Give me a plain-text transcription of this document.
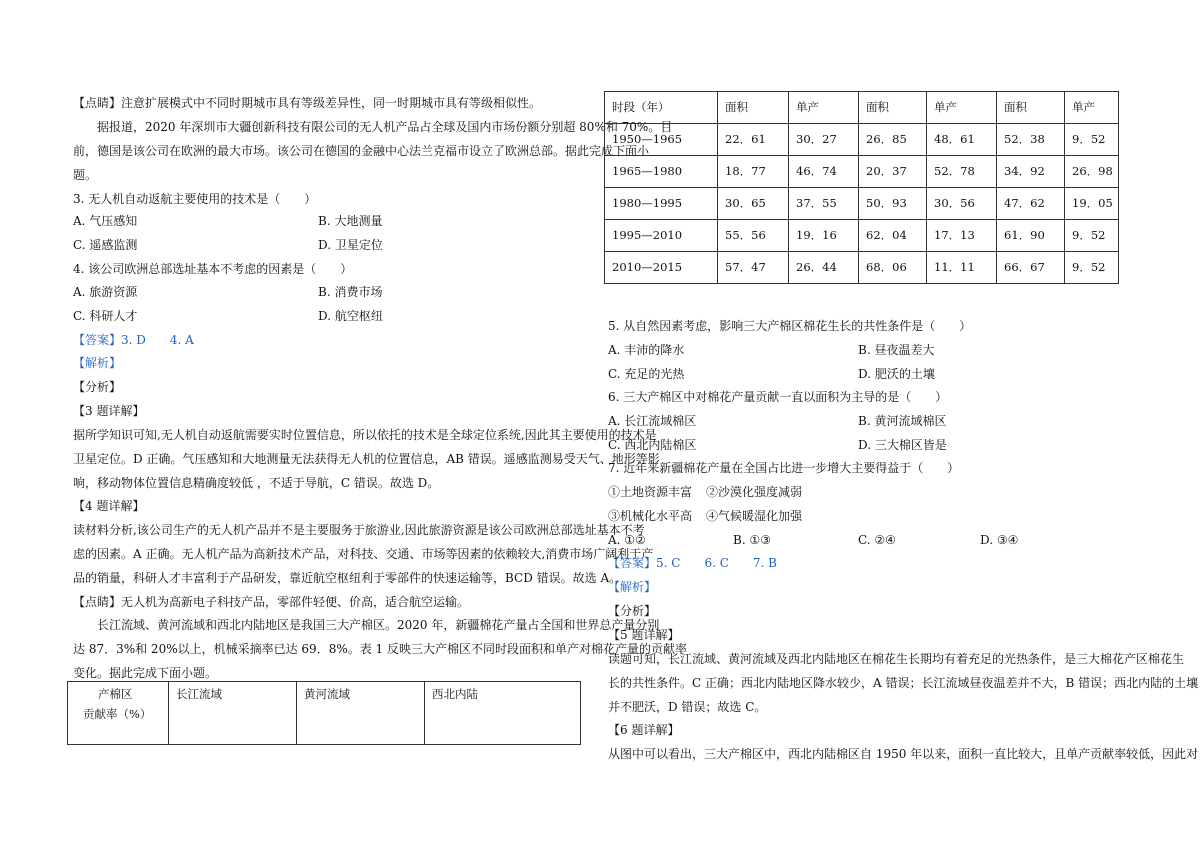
【点睛】注意扩展模式中不同时期城市具有等级差异性，同一时期城市具有等级相似性。
据报道，2020 年深圳市大疆创新科技有限公司的无人机产品占全球及国内市场份额分别超 80%和 70%。目
前，德国是该公司在欧洲的最大市场。该公司在德国的金融中心法兰克福市设立了欧洲总部。据此完成下面小
题。
3. 无人机自动返航主要使用的技术是（　　）
A. 气压感知	B. 大地测量
C. 遥感监测	D. 卫星定位
4. 该公司欧洲总部选址基本不考虑的因素是（　　）
A. 旅游资源	B. 消费市场
C. 科研人才	D. 航空枢纽
【答案】3. D　　4. A
【解析】
【分析】
【3 题详解】
据所学知识可知,无人机自动返航需要实时位置信息，所以依托的技术是全球定位系统,因此其主要使用的技术是
卫星定位。D 正确。气压感知和大地测量无法获得无人机的位置信息，AB 错误。遥感监测易受天气、地形等影
响，移动物体位置信息精确度较低 ，不适于导航，C 错误。故选 D。
【4 题详解】
读材料分析,该公司生产的无人机产品并不是主要服务于旅游业,因此旅游资源是该公司欧洲总部选址基本不考
虑的因素。A 正确。无人机产品为高新技术产品，对科技、交通、市场等因素的依赖较大,消费市场广阔利于产
品的销量，科研人才丰富利于产品研发，靠近航空枢纽利于零部件的快速运输等，BCD 错误。故选 A。
【点睛】无人机为高新电子科技产品，零部件轻便、价高，适合航空运输。
长江流域、黄河流域和西北内陆地区是我国三大产棉区。2020 年，新疆棉花产量占全国和世界总产量分别
达 87．3%和 20%以上，机械采摘率已达 69．8%。表 1 反映三大产棉区不同时段面积和单产对棉花产量的贡献率
变化。据此完成下面小题。
产棉区
贡献率（%）
	长江流域	黄河流域	西北内陆
时段（年）	面积	单产	面积	单产	面积	单产
1950—1965	22．61	30．27	26．85	48．61	52．38	9．52
1965—1980	18．77	46．74	20．37	52．78	34．92	26．98
1980—1995	30．65	37．55	50．93	30．56	47．62	19．05
1995—2010	55．56	19．16	62．04	17．13	61．90	9．52
2010—2015	57．47	26．44	68．06	11．11	66．67	9．52
5. 从自然因素考虑，影响三大产棉区棉花生长的共性条件是（　　）
A. 丰沛的降水	B. 昼夜温差大
C. 充足的光热	D. 肥沃的土壤
6. 三大产棉区中对棉花产量贡献一直以面积为主导的是（　　）
A. 长江流域棉区	B. 黄河流域棉区
C. 西北内陆棉区	D. 三大棉区皆是
7. 近年来新疆棉花产量在全国占比进一步增大主要得益于（　　）
①土地资源丰富 ②沙漠化强度减弱
③机械化水平高 ④气候暖湿化加强
A. ①②	B. ①③	C. ②④	D. ③④
【答案】5. C　　6. C　　7. B
【解析】
【分析】
【5 题详解】
读题可知，长江流域、黄河流域及西北内陆地区在棉花生长期均有着充足的光热条件，是三大棉花产区棉花生
长的共性条件。C 正确；西北内陆地区降水较少，A 错误；长江流域昼夜温差并不大，B 错误；西北内陆的土壤
并不肥沃，D 错误；故选 C。
【6 题详解】
从图中可以看出，三大产棉区中，西北内陆棉区自 1950 年以来，面积一直比较大，且单产贡献率较低，因此对
